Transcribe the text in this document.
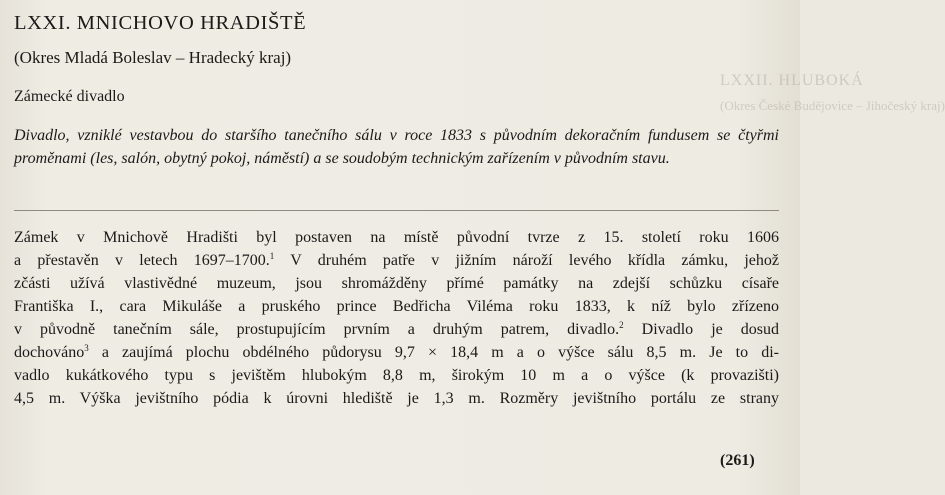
LXXII. HLUBOKÁ
(Okres České Budějovice – Jihočeský kraj)
LXXI. MNICHOVO HRADIŠTĚ
(Okres Mladá Boleslav – Hradecký kraj)
Zámecké divadlo
Divadlo, vzniklé vestavbou do staršího tanečního sálu v roce 1833 s původním dekoračním fundusem se čtyřmi proměnami (les, salón, obytný pokoj, náměstí) a se soudobým technickým zařízením v původním stavu.
Zámek v Mnichově Hradišti byl postaven na místě původní tvrze z 15. století roku 1606
a přestavěn v letech 1697–1700.$^1$ V druhém patře v jižním nároží levého křídla zámku, jehož
zčásti užívá vlastivědné muzeum, jsou shromážděny přímé památky na zdejší schůzku císaře
Františka I., cara Mikuláše a pruského prince Bedřicha Viléma roku 1833, k níž bylo zřízeno
v původně tanečním sále, prostupujícím prvním a druhým patrem, divadlo.$^2$ Divadlo je dosud
dochováno$^3$ a zaujímá plochu obdélného půdorysu 9,7 × 18,4 m a o výšce sálu 8,5 m. Je to di-
vadlo kukátkového typu s jevištěm hlubokým 8,8 m, širokým 10 m a o výšce (k provazišti)
4,5 m. Výška jevištního pódia k úrovni hlediště je 1,3 m. Rozměry jevištního portálu ze strany
(261)
